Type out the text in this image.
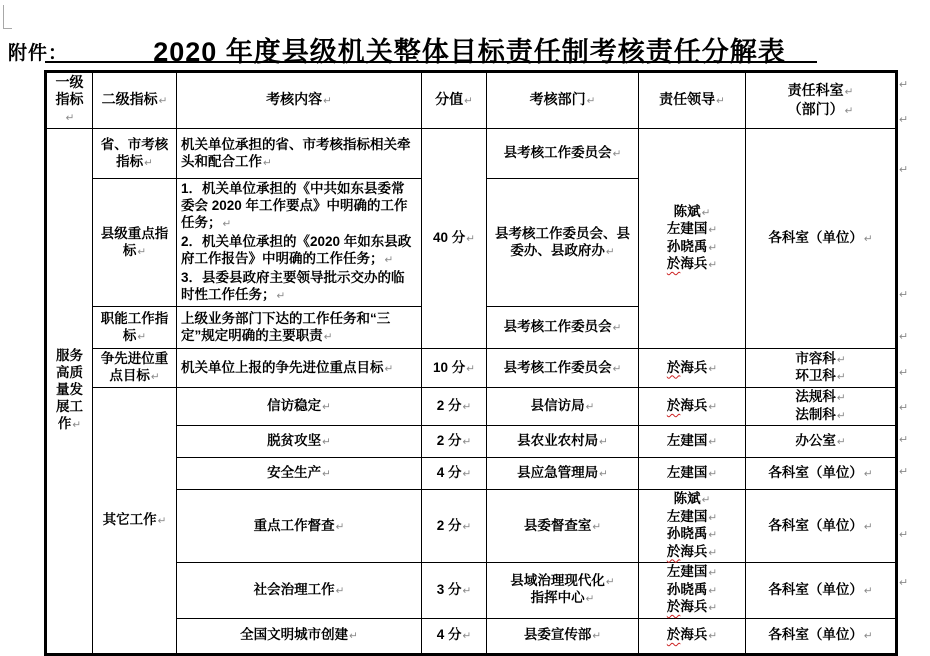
附件：	2020 年度县级机关整体目标责任制考核责任分解表
一级指标↵	二级指标↵	考核内容↵	分值↵	考核部门↵	责任领导↵	责任科室↵
（部门）↵

服务高质量发展工作↵	省、市考核指标↵	机关单位承担的省、市考核指标相关牵头和配合工作↵	40 分↵	县考核工作委员会↵	陈斌↵
左建国↵
孙晓禹↵
於海兵↵	各科室（单位）↵

	县级重点指标↵	1．机关单位承担的《中共如东县委常委会 2020 年工作要点》中明确的工作任务；↵
2．机关单位承担的《2020 年如东县政府工作报告》中明确的工作任务；↵
3．县委县政府主要领导批示交办的临时性工作任务；↵		县考核工作委员会、县委办、县政府办↵		

	职能工作指标↵	上级业务部门下达的工作任务和“三定”规定明确的主要职责↵		县考核工作委员会↵		

	争先进位重点目标↵	机关单位上报的争先进位重点目标↵	10 分↵	县考核工作委员会↵	於海兵↵	市容科↵
环卫科↵

	其它工作↵	信访稳定↵	2 分↵	县信访局↵	於海兵↵	法规科↵
法制科↵

		脱贫攻坚↵	2 分↵	县农业农村局↵	左建国↵	办公室↵

		安全生产↵	4 分↵	县应急管理局↵	左建国↵	各科室（单位）↵

		重点工作督查↵	2 分↵	县委督查室↵	陈斌↵
左建国↵
孙晓禹↵
於海兵↵	各科室（单位）↵

		社会治理工作↵	3 分↵	县域治理现代化↵
指挥中心↵	左建国↵
孙晓禹↵
於海兵↵	各科室（单位）↵

		全国文明城市创建↵	4 分↵	县委宣传部↵	於海兵↵	各科室（单位）↵
↵
↵
↵
↵
↵
↵
↵
↵
↵
↵
↵
